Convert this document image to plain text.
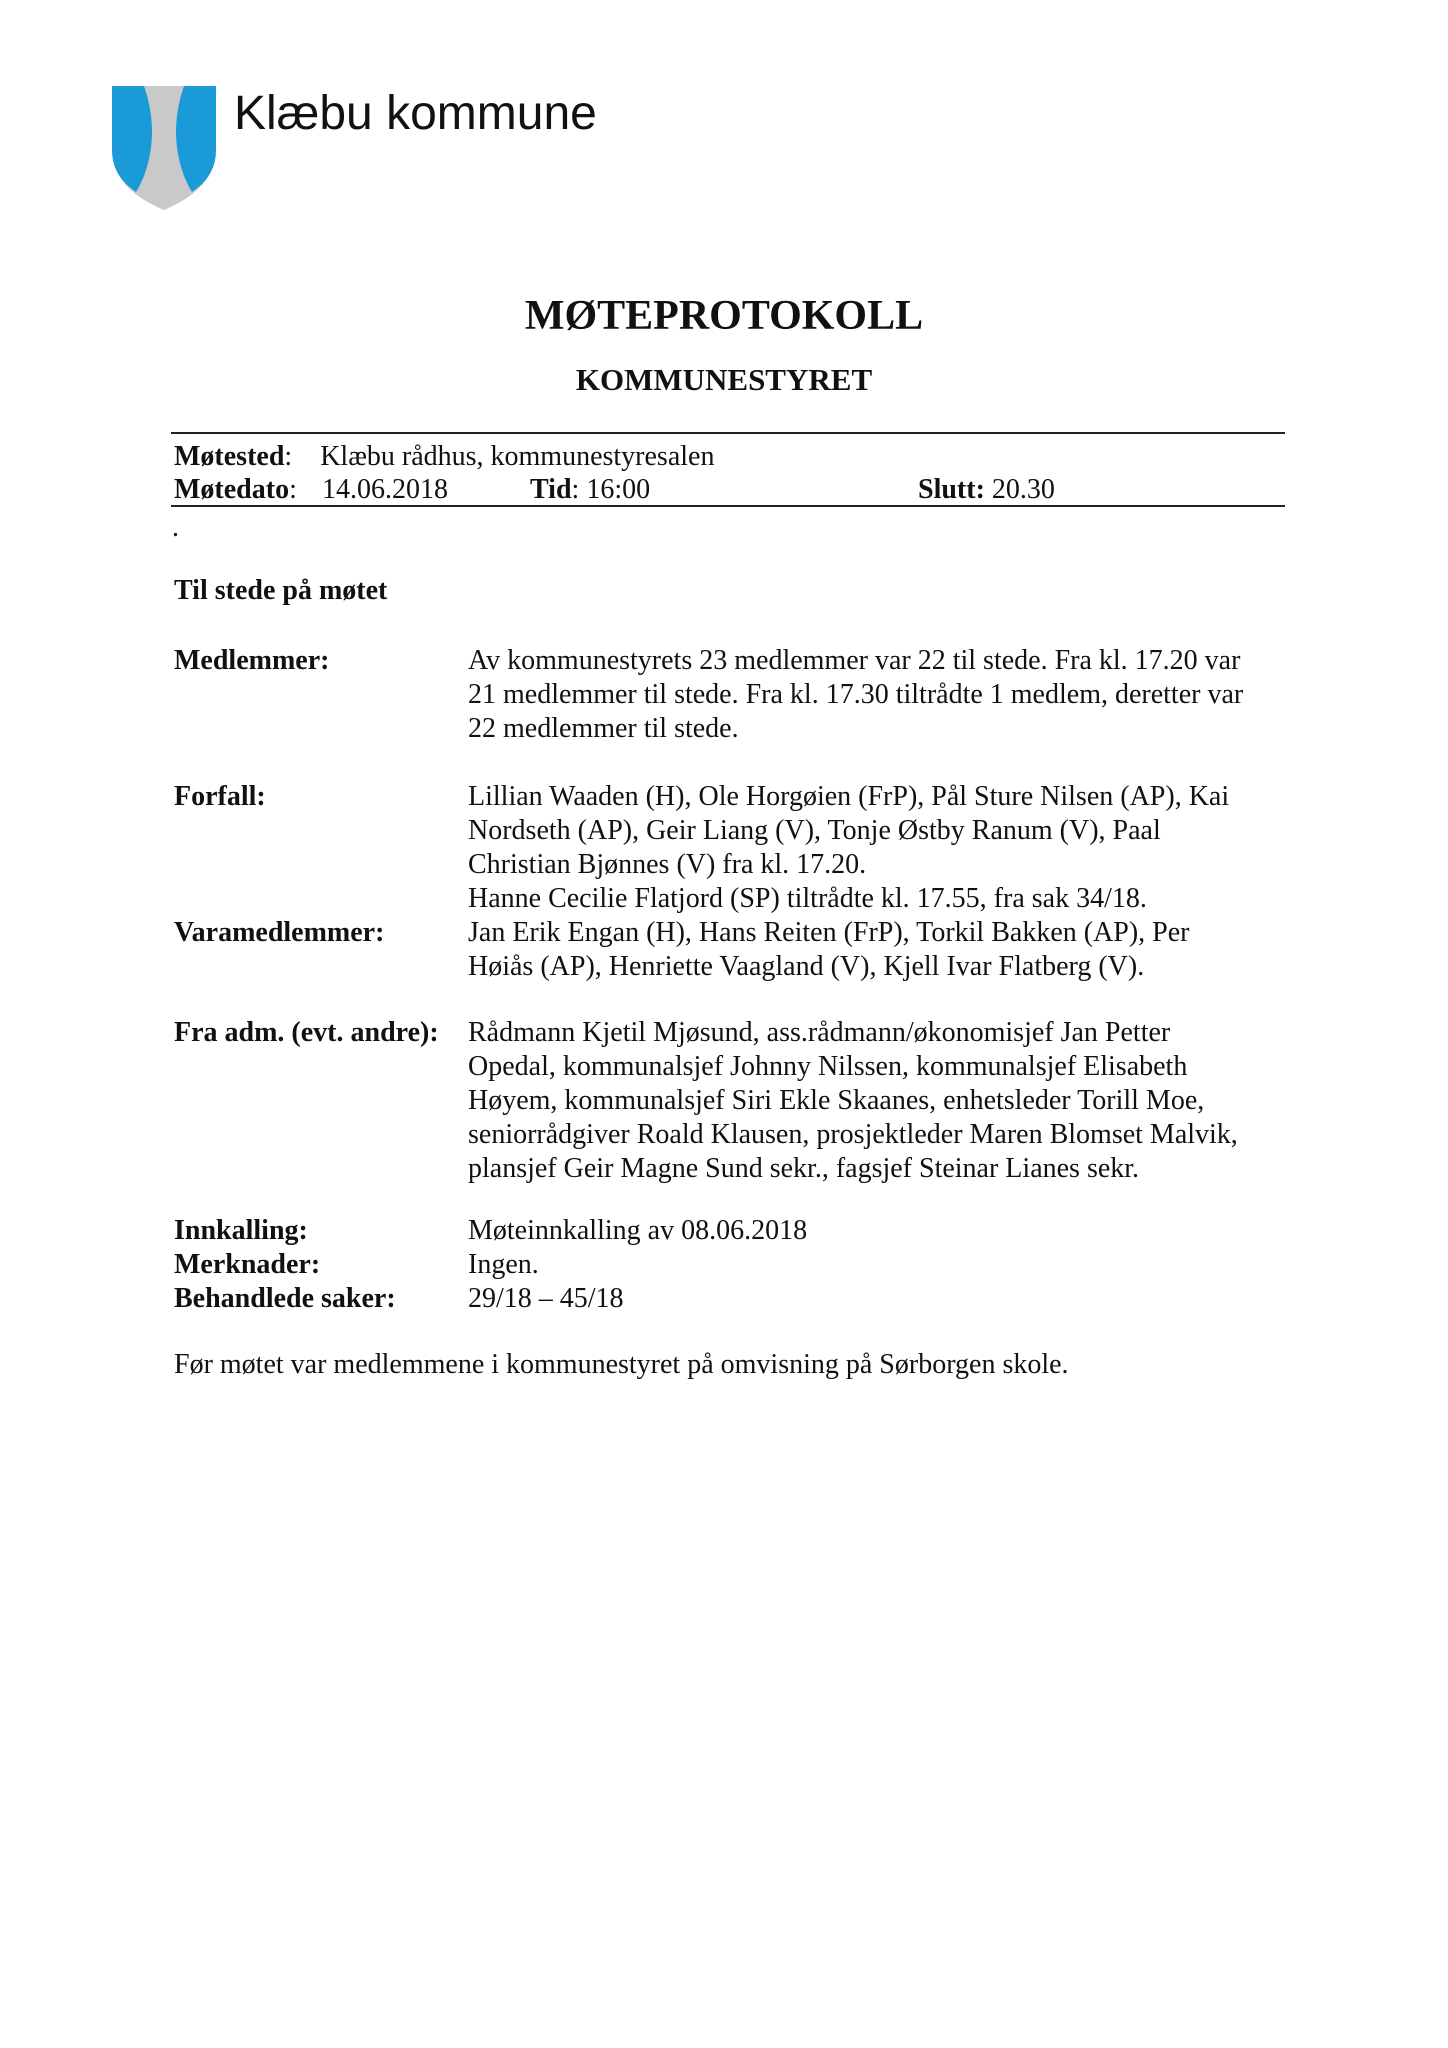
Klæbu kommune
MØTEPROTOKOLL
KOMMUNESTYRET
Møtested: Klæbu rådhus, kommunestyresalen
Møtedato: 14.06.2018	Tid: 16:00	Slutt: 20.30
.
Til stede på møtet
Medlemmer:	Av kommunestyrets 23 medlemmer var 22 til stede. Fra kl. 17.20 var
21 medlemmer til stede. Fra kl. 17.30 tiltrådte 1 medlem, deretter var
22 medlemmer til stede.
Forfall:	Lillian Waaden (H), Ole Horgøien (FrP), Pål Sture Nilsen (AP), Kai
Nordseth (AP), Geir Liang (V), Tonje Østby Ranum (V), Paal
Christian Bjønnes (V) fra kl. 17.20.
Hanne Cecilie Flatjord (SP) tiltrådte kl. 17.55, fra sak 34/18.
Varamedlemmer:	Jan Erik Engan (H), Hans Reiten (FrP), Torkil Bakken (AP), Per
Høiås (AP), Henriette Vaagland (V), Kjell Ivar Flatberg (V).
Fra adm. (evt. andre): Rådmann Kjetil Mjøsund, ass.rådmann/økonomisjef Jan Petter
Opedal, kommunalsjef Johnny Nilssen, kommunalsjef Elisabeth
Høyem, kommunalsjef Siri Ekle Skaanes, enhetsleder Torill Moe,
seniorrådgiver Roald Klausen, prosjektleder Maren Blomset Malvik,
plansjef Geir Magne Sund sekr., fagsjef Steinar Lianes sekr.
Innkalling:	Møteinnkalling av 08.06.2018
Merknader:	Ingen.
Behandlede saker:	29/18 – 45/18
Før møtet var medlemmene i kommunestyret på omvisning på Sørborgen skole.
